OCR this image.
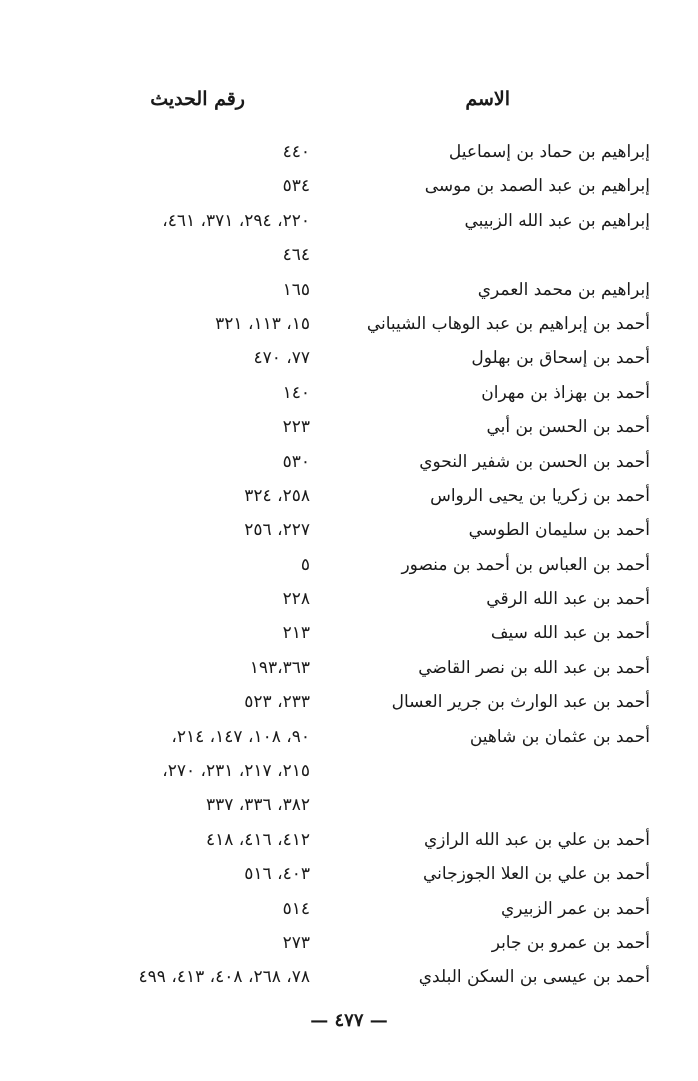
الاسم
رقم الحديث
إبراهيم بن حماد بن إسماعيل
٤٤٠
إبراهيم بن عبد الصمد بن موسى
٥٣٤
إبراهيم بن عبد الله الزبيبي
٢٢٠، ٢٩٤، ٣٧١، ٤٦١،
٤٦٤
إبراهيم بن محمد العمري
١٦٥
أحمد بن إبراهيم بن عبد الوهاب الشيباني
١٥، ١١٣، ٣٢١
أحمد بن إسحاق بن بهلول
٧٧، ٤٧٠
أحمد بن بهزاذ بن مهران
١٤٠
أحمد بن الحسن بن أبي
٢٢٣
أحمد بن الحسن بن شفير النحوي
٥٣٠
أحمد بن زكريا بن يحيى الرواس
٢٥٨، ٣٢٤
أحمد بن سليمان الطوسي
٢٢٧، ٢٥٦
أحمد بن العباس بن أحمد بن منصور
٥
أحمد بن عبد الله الرقي
٢٢٨
أحمد بن عبد الله سيف
٢١٣
أحمد بن عبد الله بن نصر القاضي
١٩٣،٣٦٣
أحمد بن عبد الوارث بن جرير العسال
٢٣٣، ٥٢٣
أحمد بن عثمان بن شاهين
٩٠، ١٠٨، ١٤٧، ٢١٤،
٢١٥، ٢١٧، ٢٣١، ٢٧٠،
٣٨٢، ٣٣٦، ٣٣٧
أحمد بن علي بن عبد الله الرازي
٤١٢، ٤١٦، ٤١٨
أحمد بن علي بن العلا الجوزجاني
٤٠٣، ٥١٦
أحمد بن عمر الزبيري
٥١٤
أحمد بن عمرو بن جابر
٢٧٣
أحمد بن عيسى بن السكن البلدي
٧٨، ٢٦٨، ٤٠٨، ٤١٣، ٤٩٩
— ٤٧٧ —
